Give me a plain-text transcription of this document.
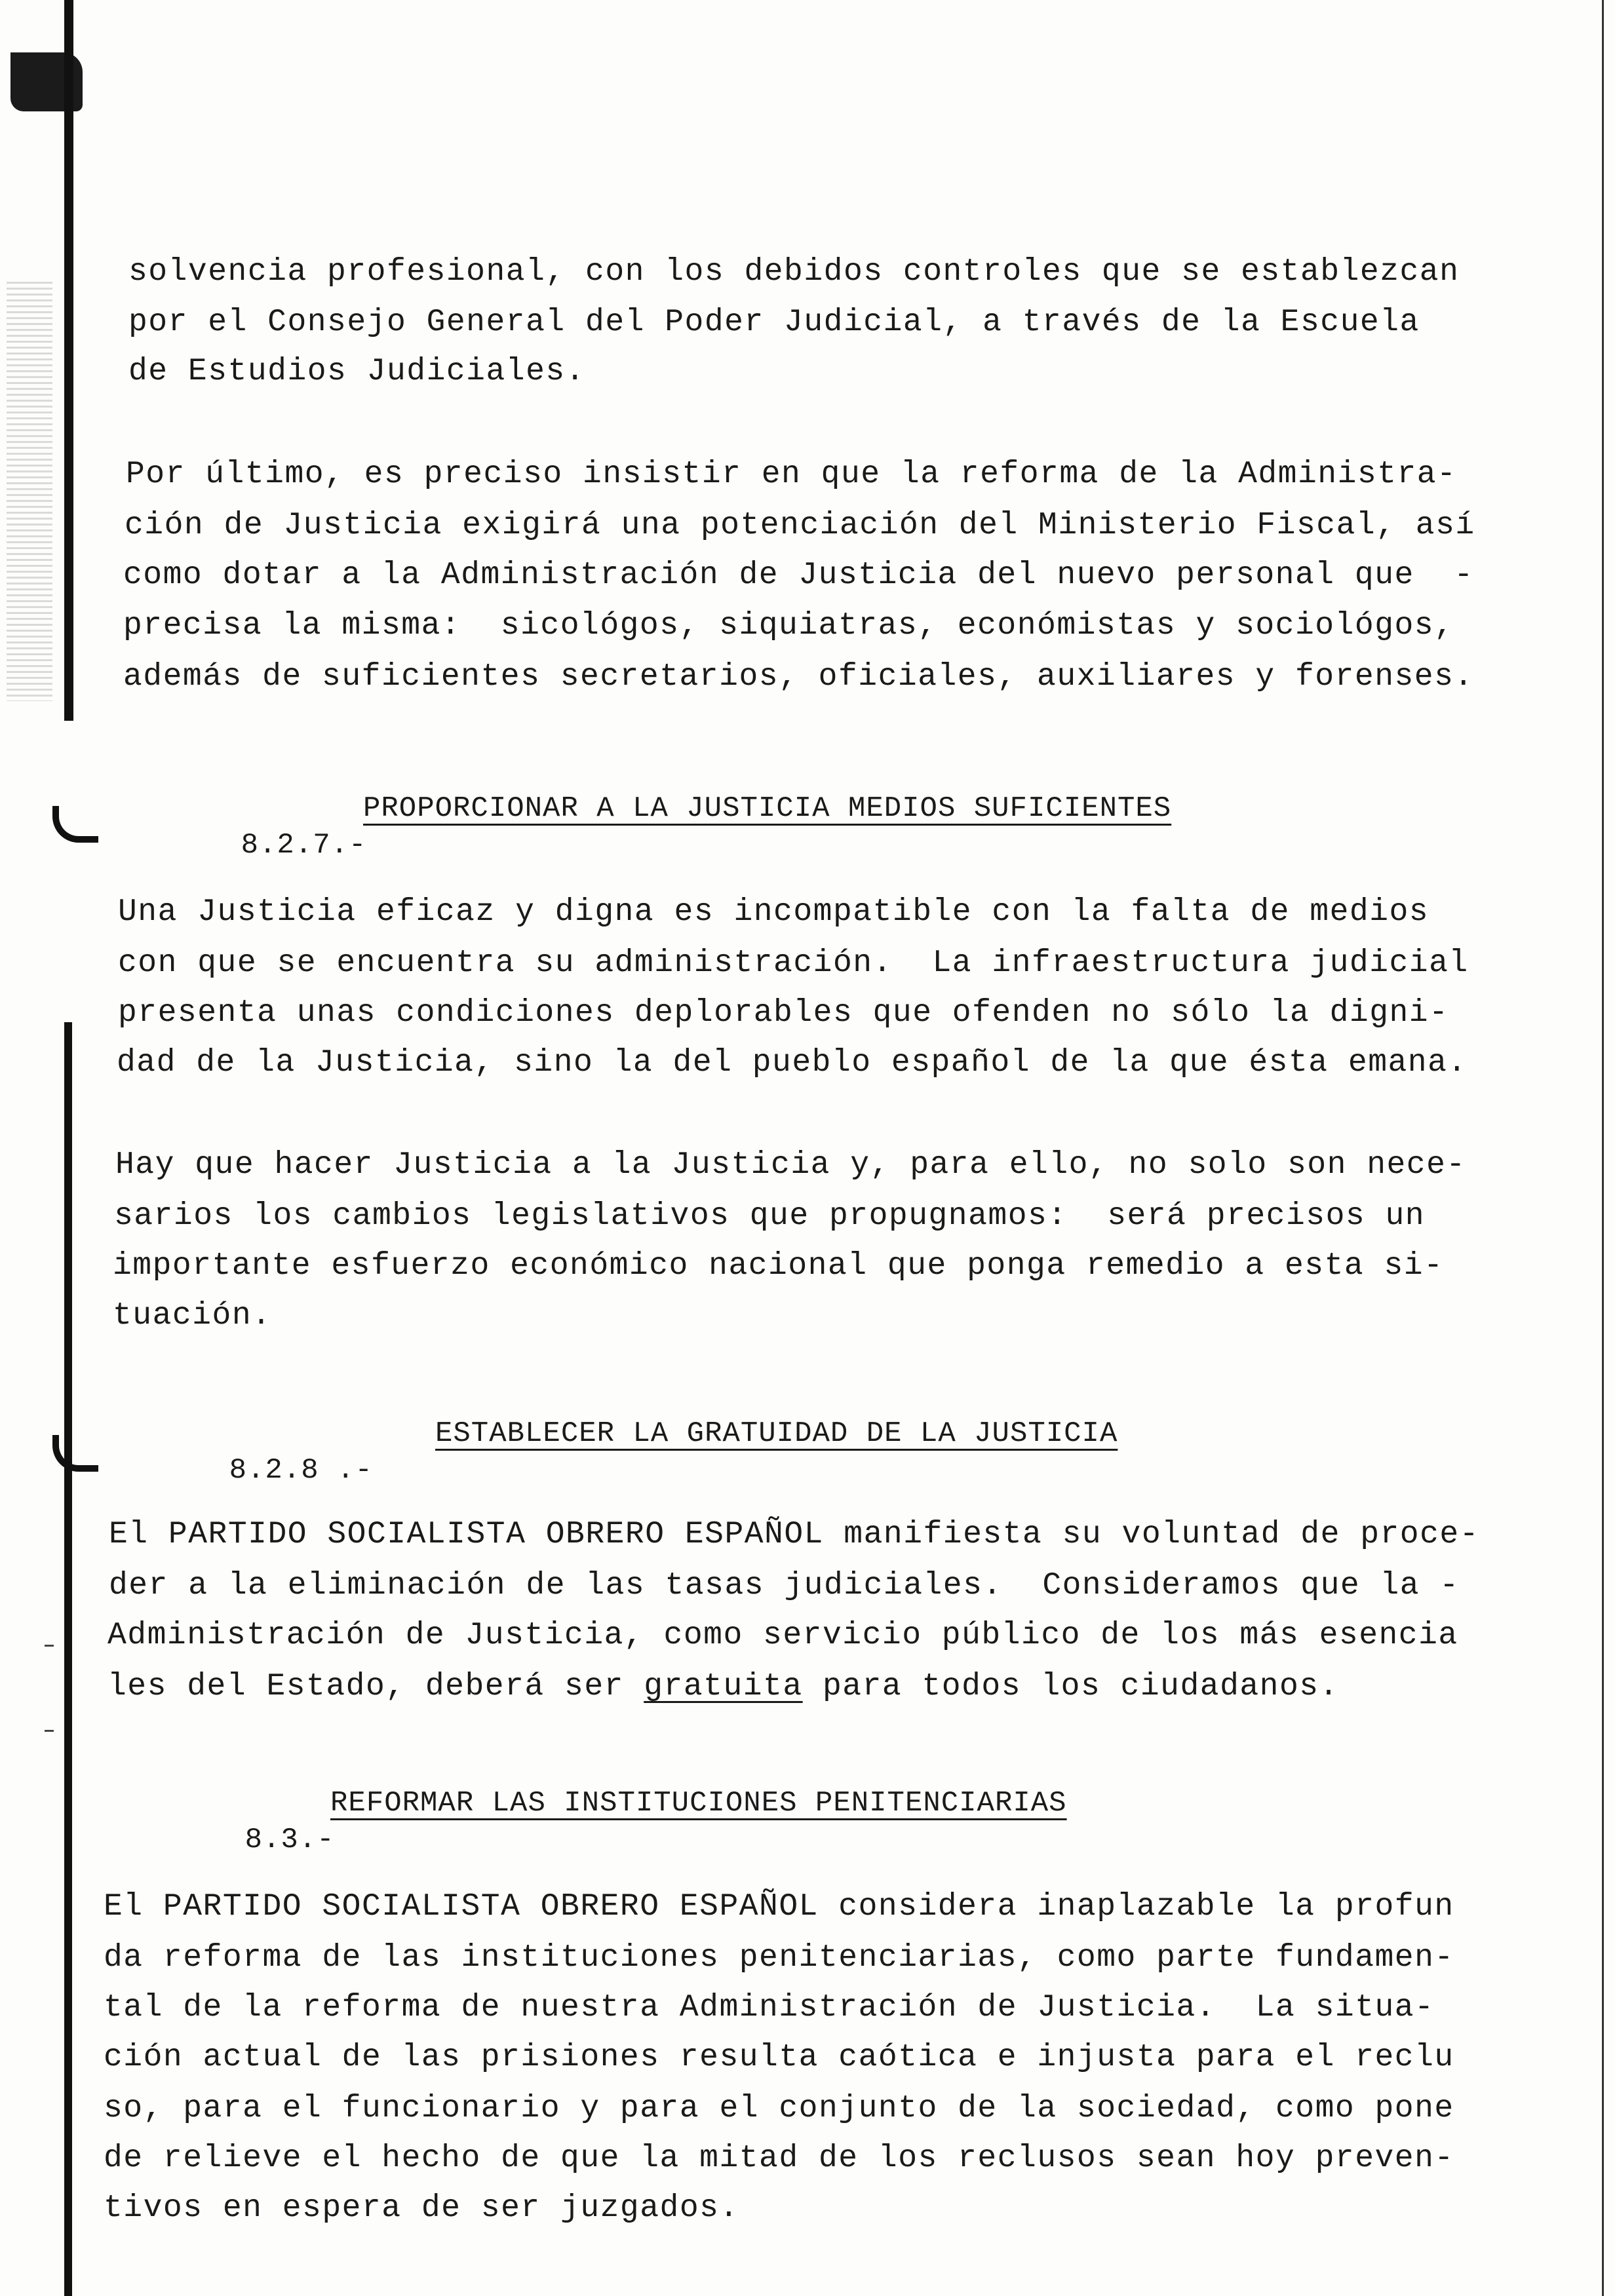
solvencia profesional, con los debidos controles que se establezcan
por el Consejo General del Poder Judicial, a través de la Escuela
de Estudios Judiciales.
Por último, es preciso insistir en que la reforma de la Administra-
ción de Justicia exigirá una potenciación del Ministerio Fiscal, así
como dotar a la Administración de Justicia del nuevo personal que  -
precisa la misma:  sicológos, siquiatras, económistas y sociológos,
además de suficientes secretarios, oficiales, auxiliares y forenses.

8.2.7.-

PROPORCIONAR A LA JUSTICIA MEDIOS SUFICIENTES

Una Justicia eficaz y digna es incompatible con la falta de medios
con que se encuentra su administración.  La infraestructura judicial
presenta unas condiciones deplorables que ofenden no sólo la digni-
dad de la Justicia, sino la del pueblo español de la que ésta emana.
Hay que hacer Justicia a la Justicia y, para ello, no solo son nece-
sarios los cambios legislativos que propugnamos:  será precisos un
importante esfuerzo económico nacional que ponga remedio a esta si-
tuación.

8.2.8 .-

ESTABLECER LA GRATUIDAD DE LA JUSTICIA

El PARTIDO SOCIALISTA OBRERO ESPAÑOL manifiesta su voluntad de proce-
der a la eliminación de las tasas judiciales.  Consideramos que la -
Administración de Justicia, como servicio público de los más esencia
les del Estado, deberá ser gratuita para todos los ciudadanos.

8.3.-

REFORMAR LAS INSTITUCIONES PENITENCIARIAS

El PARTIDO SOCIALISTA OBRERO ESPAÑOL considera inaplazable la profun
da reforma de las instituciones penitenciarias, como parte fundamen-
tal de la reforma de nuestra Administración de Justicia.  La situa-
ción actual de las prisiones resulta caótica e injusta para el reclu
so, para el funcionario y para el conjunto de la sociedad, como pone
de relieve el hecho de que la mitad de los reclusos sean hoy preven-
tivos en espera de ser juzgados.
